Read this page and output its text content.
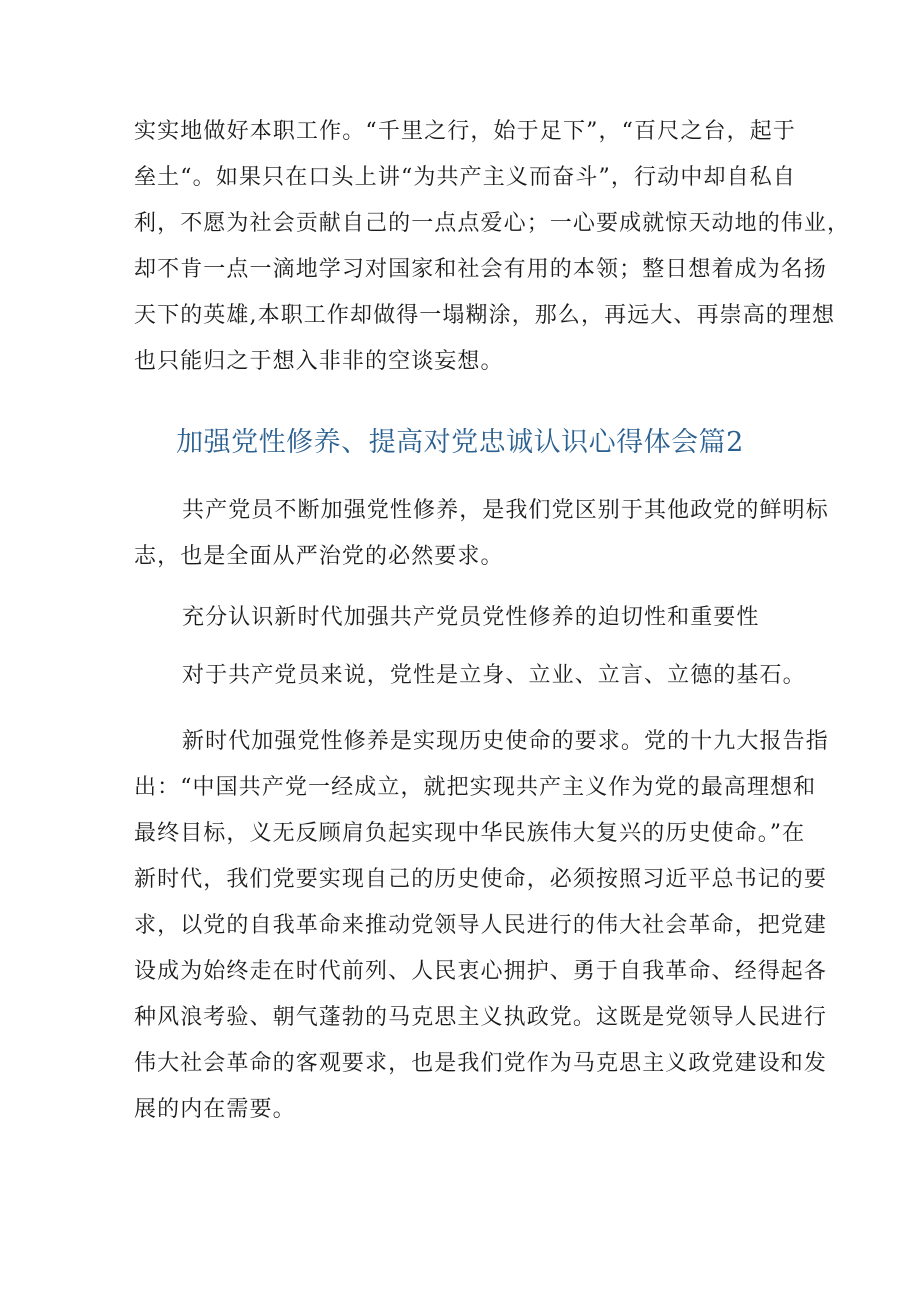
实实地做好本职工作。“千里之行，始于足下”，“百尺之台，起于
垒土“。如果只在口头上讲“为共产主义而奋斗”，行动中却自私自
利，不愿为社会贡献自己的一点点爱心；一心要成就惊天动地的伟业，
却不肯一点一滴地学习对国家和社会有用的本领；整日想着成为名扬
天下的英雄,本职工作却做得一塌糊涂，那么，再远大、再崇高的理想
也只能归之于想入非非的空谈妄想。
加强党性修养、提高对党忠诚认识心得体会篇2
共产党员不断加强党性修养，是我们党区别于其他政党的鲜明标
志，也是全面从严治党的必然要求。

充分认识新时代加强共产党员党性修养的迫切性和重要性

对于共产党员来说，党性是立身、立业、立言、立德的基石。

新时代加强党性修养是实现历史使命的要求。党的十九大报告指
出：“中国共产党一经成立，就把实现共产主义作为党的最高理想和
最终目标，义无反顾肩负起实现中华民族伟大复兴的历史使命。”在
新时代，我们党要实现自己的历史使命，必须按照习近平总书记的要
求，以党的自我革命来推动党领导人民进行的伟大社会革命，把党建
设成为始终走在时代前列、人民衷心拥护、勇于自我革命、经得起各
种风浪考验、朝气蓬勃的马克思主义执政党。这既是党领导人民进行
伟大社会革命的客观要求，也是我们党作为马克思主义政党建设和发
展的内在需要。
